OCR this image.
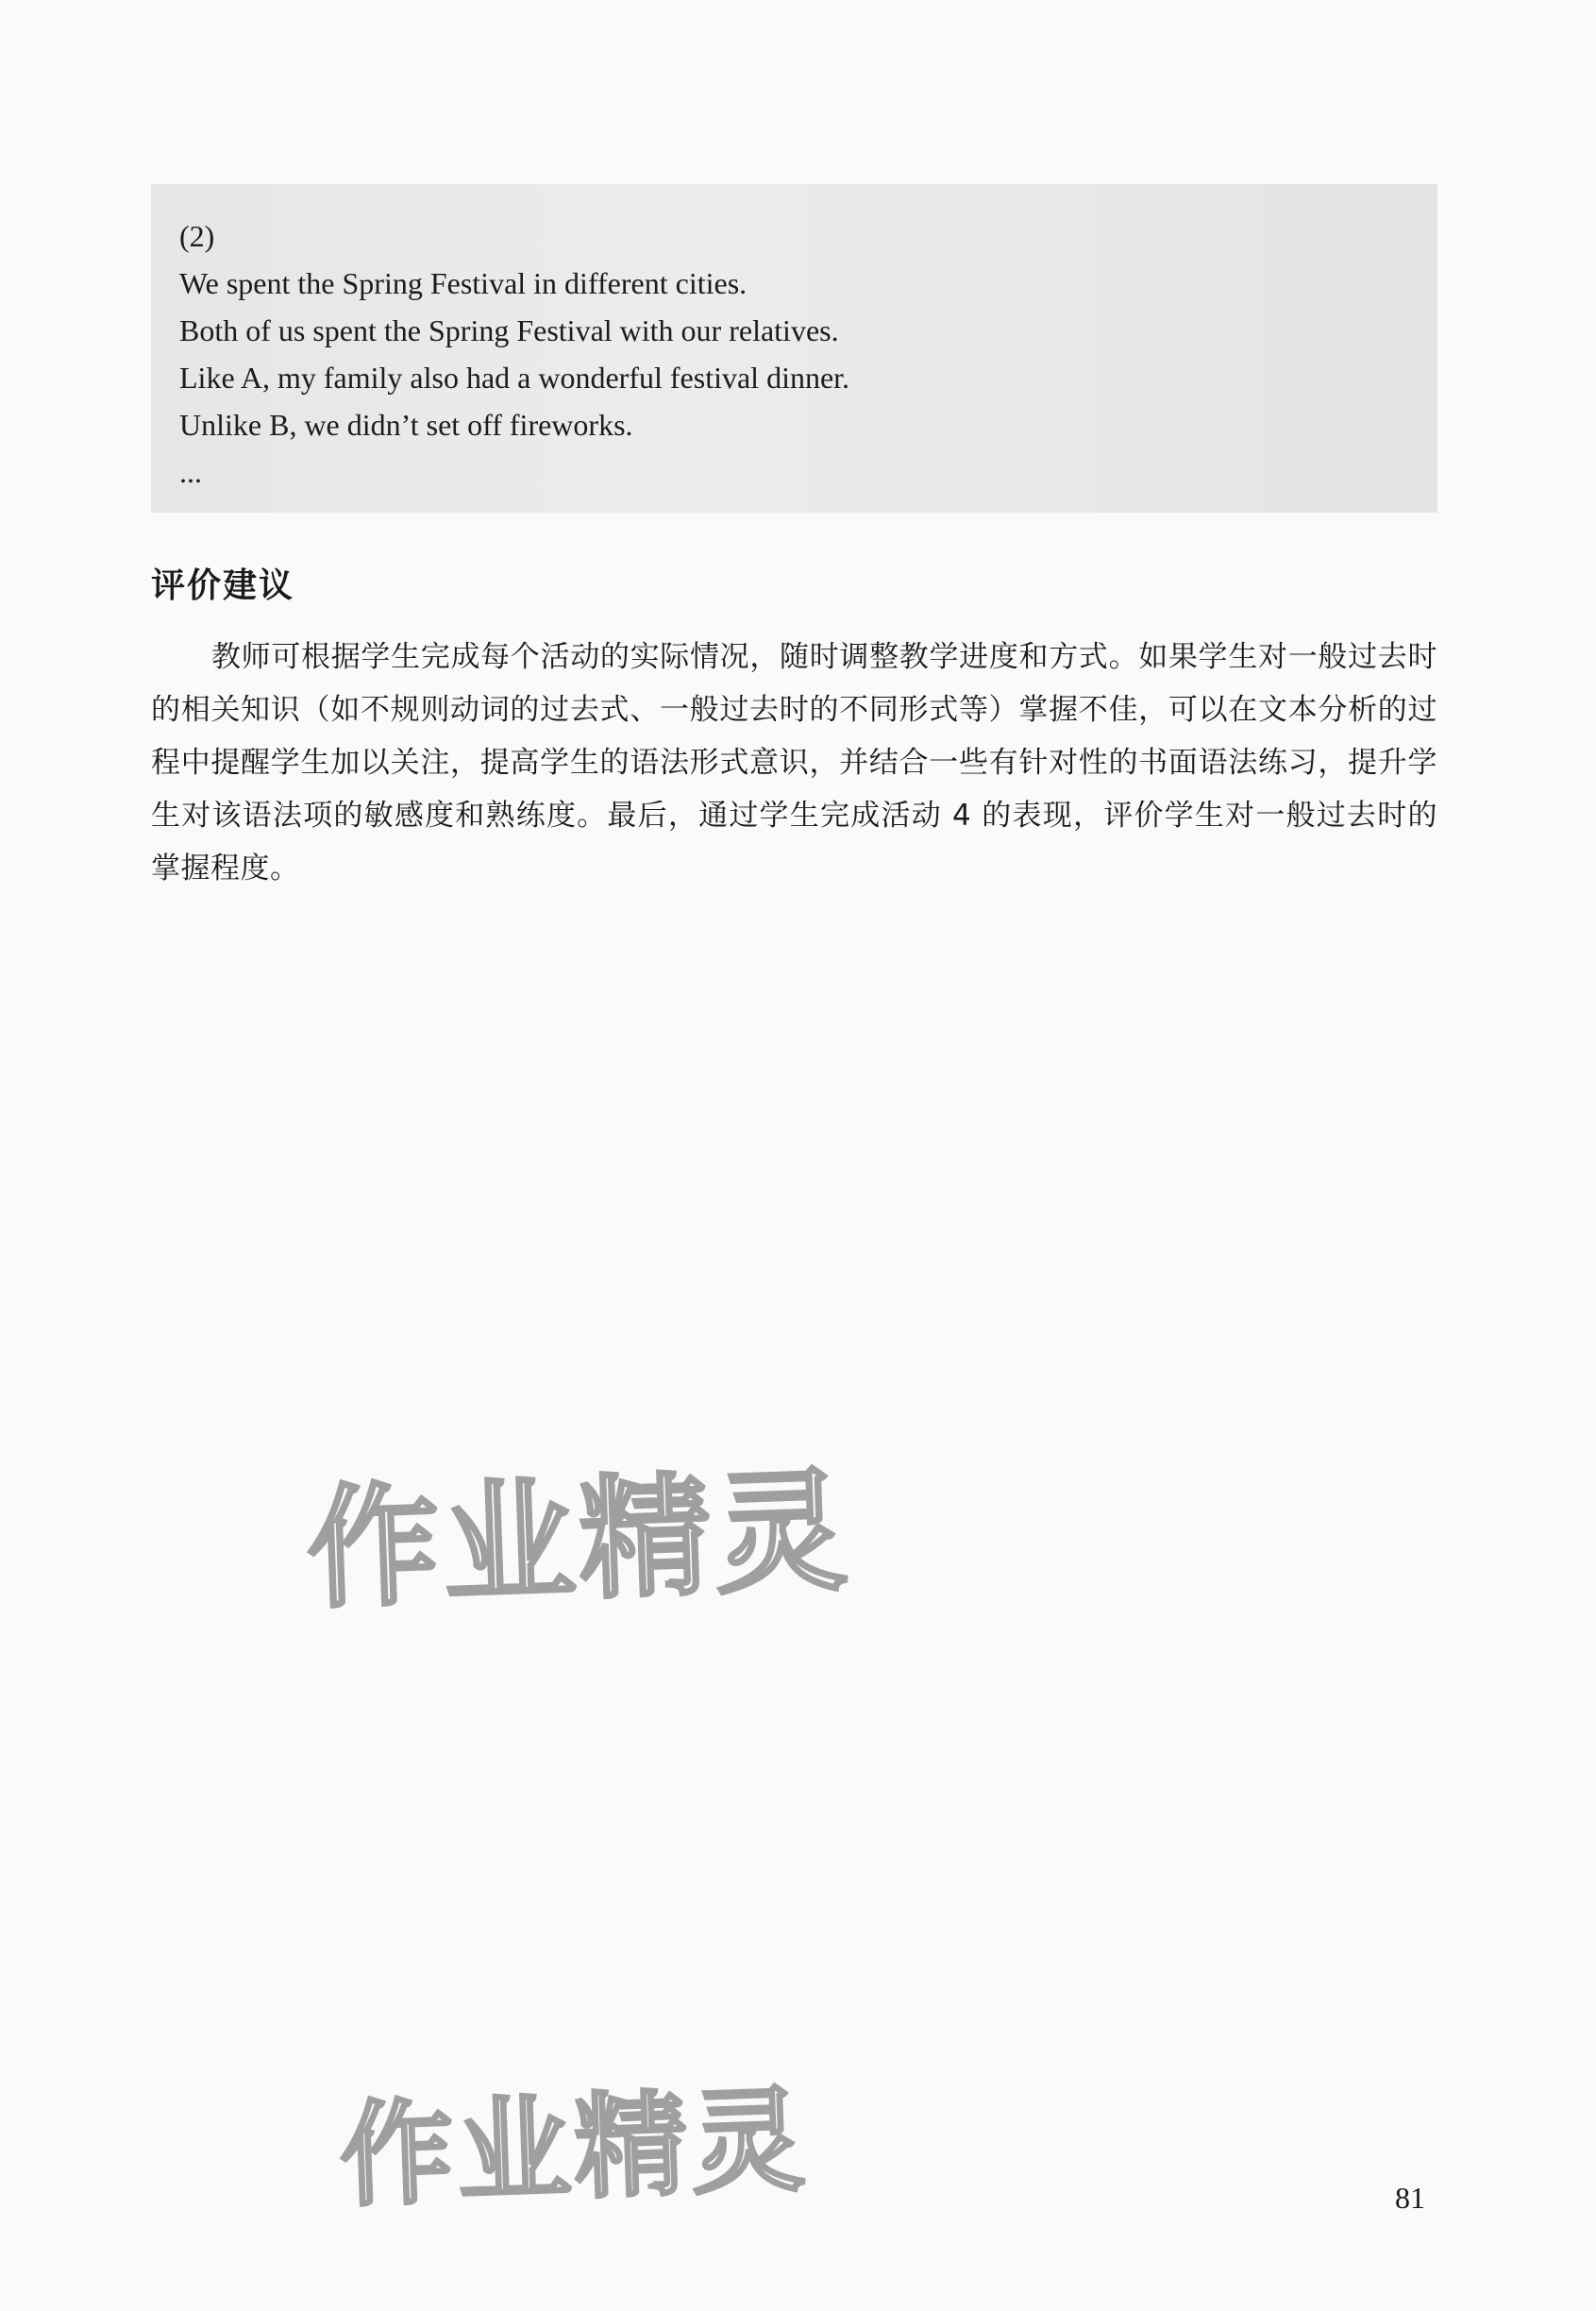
(2)
We spent the Spring Festival in different cities.
Both of us spent the Spring Festival with our relatives.
Like A, my family also had a wonderful festival dinner.
Unlike B, we didn’t set off fireworks.
...
评价建议
教师可根据学生完成每个活动的实际情况，随时调整教学进度和方式。如果学生对一般过去时的相关知识（如不规则动词的过去式、一般过去时的不同形式等）掌握不佳，可以在文本分析的过程中提醒学生加以关注，提高学生的语法形式意识，并结合一些有针对性的书面语法练习，提升学生对该语法项的敏感度和熟练度。最后，通过学生完成活动 4 的表现，评价学生对一般过去时的掌握程度。
作业精灵
作业精灵	81
